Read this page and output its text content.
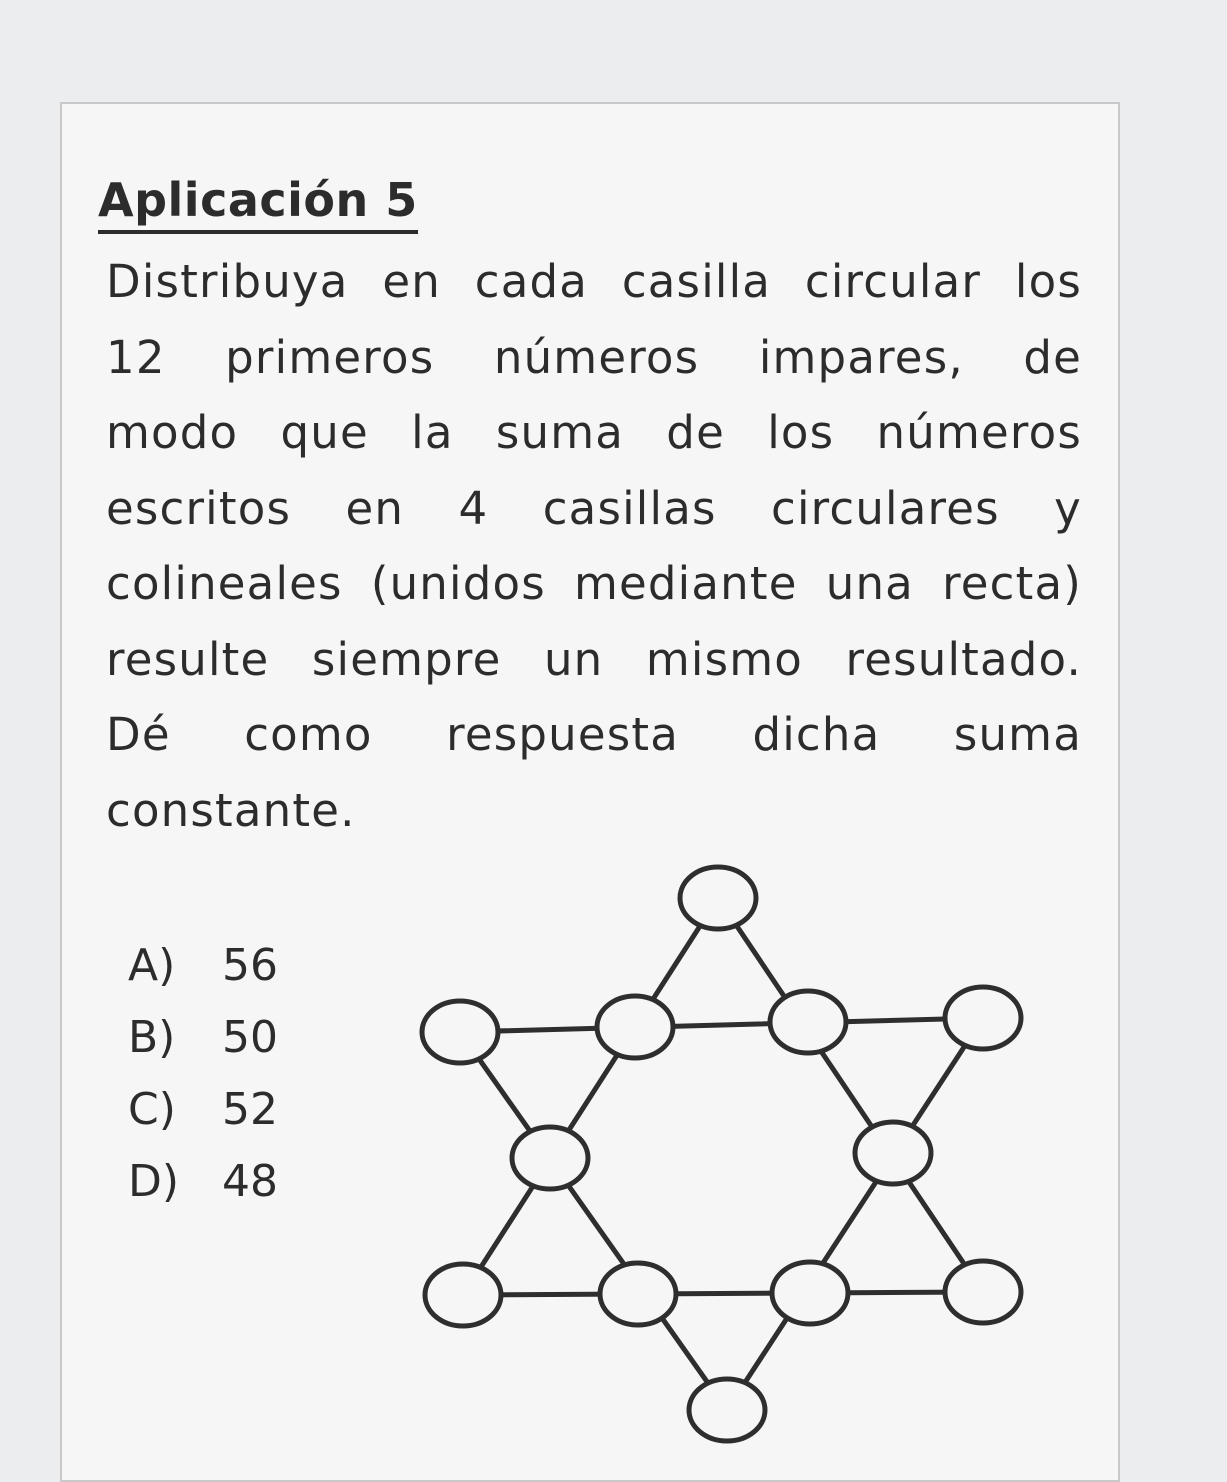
Aplicación 5
Distribuya en cada casilla circular los 12 primeros números impares, de modo que la suma de los números escritos en 4 casillas circulares y colineales (unidos mediante una recta) resulte siempre un mismo resultado. Dé como respuesta dicha suma constante.
A) 56
B) 50
C) 52
D) 48
